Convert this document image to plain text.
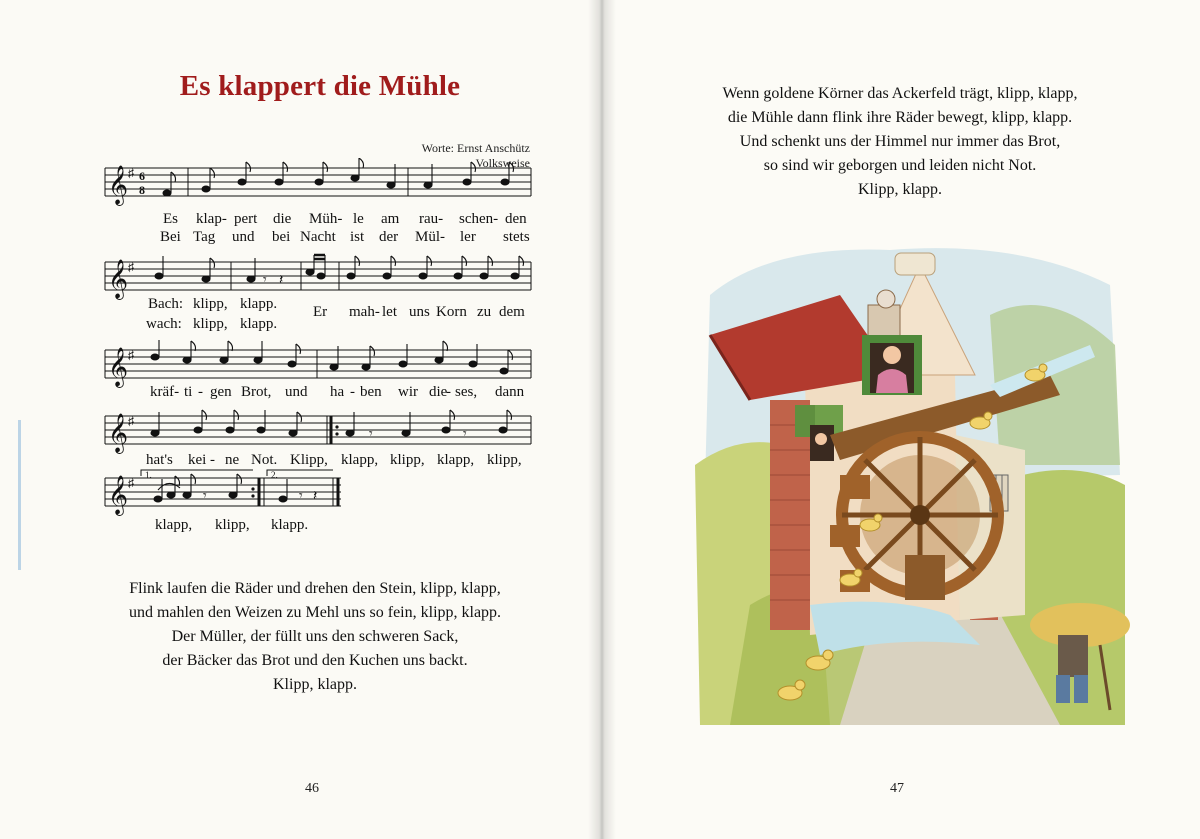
Es klappert die Mühle
Worte: Ernst Anschütz
Volksweise
𝄞 ♯ 6
8
Es klap- pert die Müh- le am rau- schen- den
Bei Tag und bei Nacht ist der Mül- ler stets
𝄞 ♯
𝄾 𝄽
Bach: klipp, klapp. Er mah- let uns Korn zu dem
wach: klipp, klapp.
𝄞 ♯
kräf- ti - gen Brot, und ha - ben wir die
- ses, dann
𝄞 ♯
𝄾	𝄾
hat's kei - ne Not. Klipp, klapp, klipp, klapp, klipp,
1.	2.
𝄞 ♯
𝄾	𝄾 𝄽
klapp, klipp, klapp.
Flink laufen die Räder und drehen den Stein, klipp, klapp,
und mahlen den Weizen zu Mehl uns so fein, klipp, klapp.
Der Müller, der füllt uns den schweren Sack,
der Bäcker das Brot und den Kuchen uns backt.
Klipp, klapp.
46
Wenn goldene Körner das Ackerfeld trägt, klipp, klapp,
die Mühle dann flink ihre Räder bewegt, klipp, klapp.
Und schenkt uns der Himmel nur immer das Brot,
so sind wir geborgen und leiden nicht Not.
Klipp, klapp.
47
